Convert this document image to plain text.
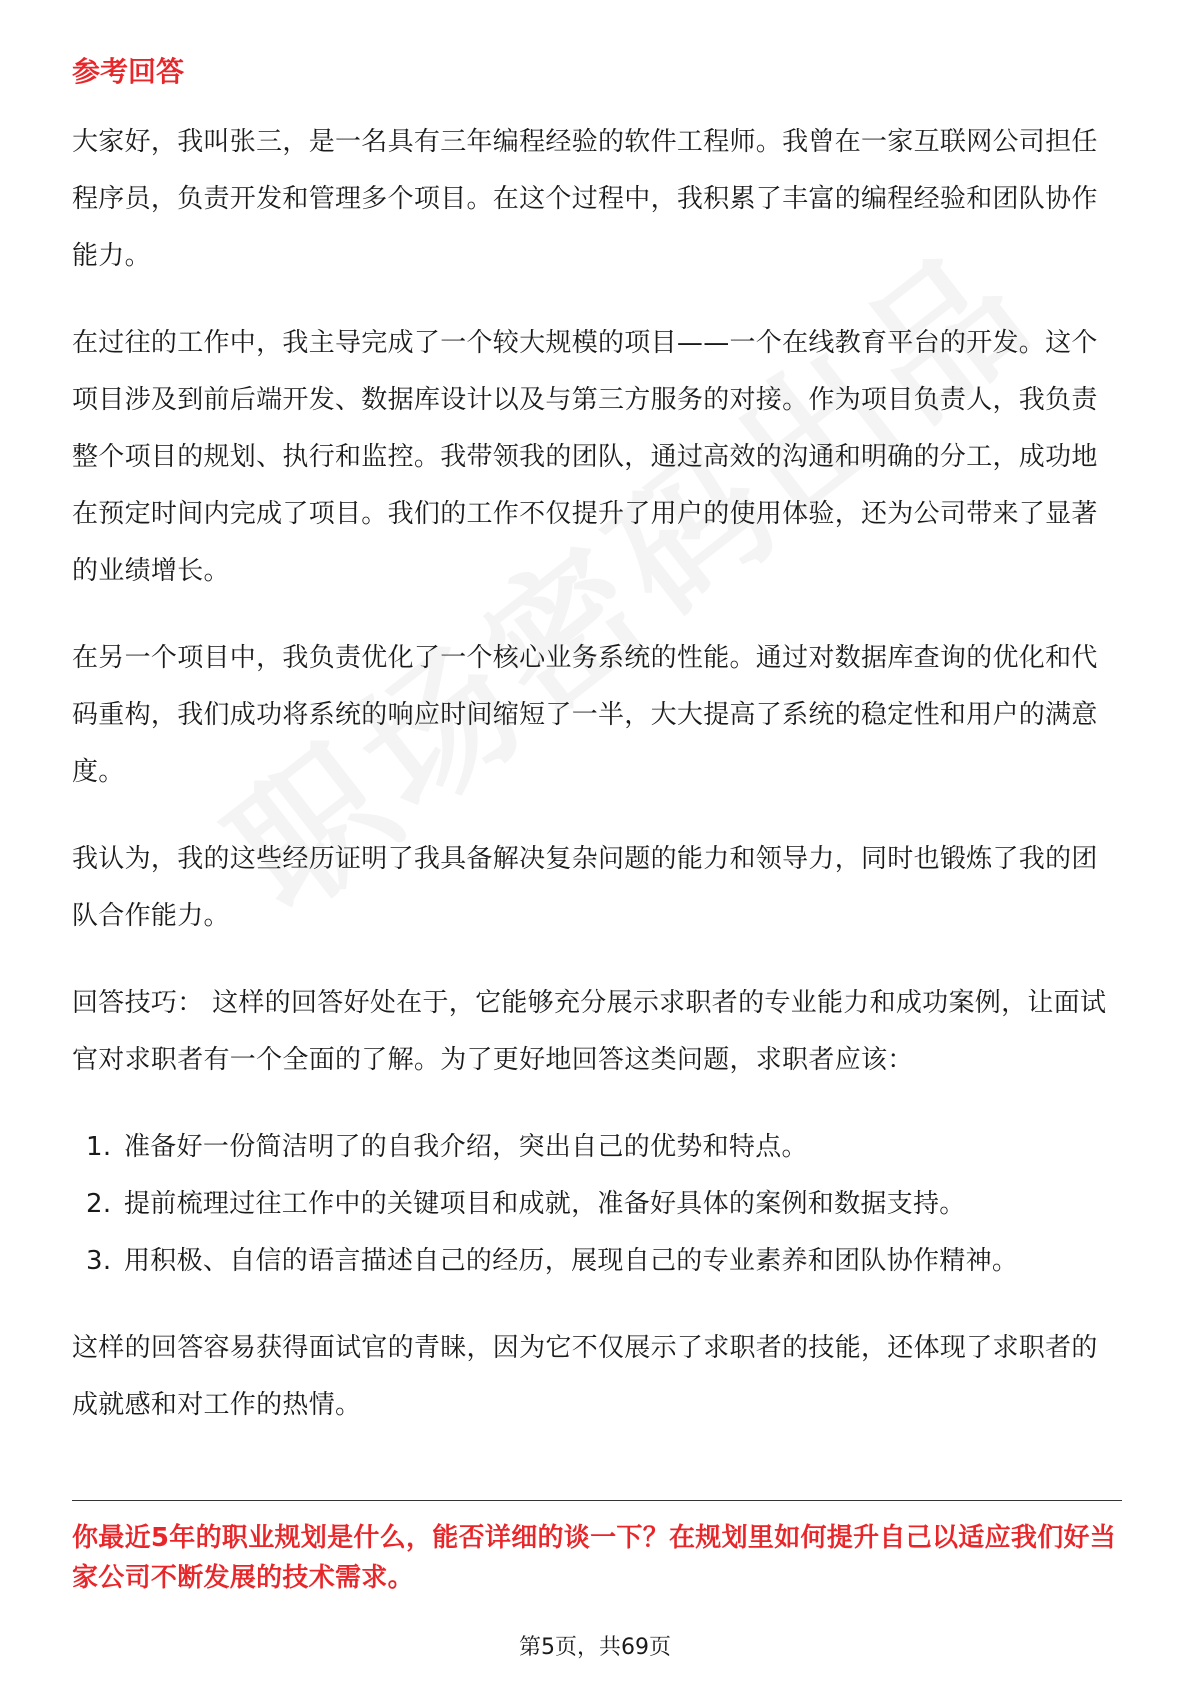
参考回答

大家好，我叫张三，是一名具有三年编程经验的软件工程师。我曾在一家互联网公司担任程序员，负责开发和管理多个项目。在这个过程中，我积累了丰富的编程经验和团队协作能力。

在过往的工作中，我主导完成了一个较大规模的项目——一个在线教育平台的开发。这个项目涉及到前后端开发、数据库设计以及与第三方服务的对接。作为项目负责人，我负责整个项目的规划、执行和监控。我带领我的团队，通过高效的沟通和明确的分工，成功地在预定时间内完成了项目。我们的工作不仅提升了用户的使用体验，还为公司带来了显著的业绩增长。

在另一个项目中，我负责优化了一个核心业务系统的性能。通过对数据库查询的优化和代码重构，我们成功将系统的响应时间缩短了一半，大大提高了系统的稳定性和用户的满意度。

我认为，我的这些经历证明了我具备解决复杂问题的能力和领导力，同时也锻炼了我的团队合作能力。

回答技巧： 这样的回答好处在于，它能够充分展示求职者的专业能力和成功案例，让面试官对求职者有一个全面的了解。为了更好地回答这类问题，求职者应该：

1. 准备好一份简洁明了的自我介绍，突出自己的优势和特点。
2. 提前梳理过往工作中的关键项目和成就，准备好具体的案例和数据支持。
3. 用积极、自信的语言描述自己的经历，展现自己的专业素养和团队协作精神。

这样的回答容易获得面试官的青睐，因为它不仅展示了求职者的技能，还体现了求职者的成就感和对工作的热情。

你最近5年的职业规划是什么，能否详细的谈一下？在规划里如何提升自己以适应我们好当家公司不断发展的技术需求。
第5页，共69页
